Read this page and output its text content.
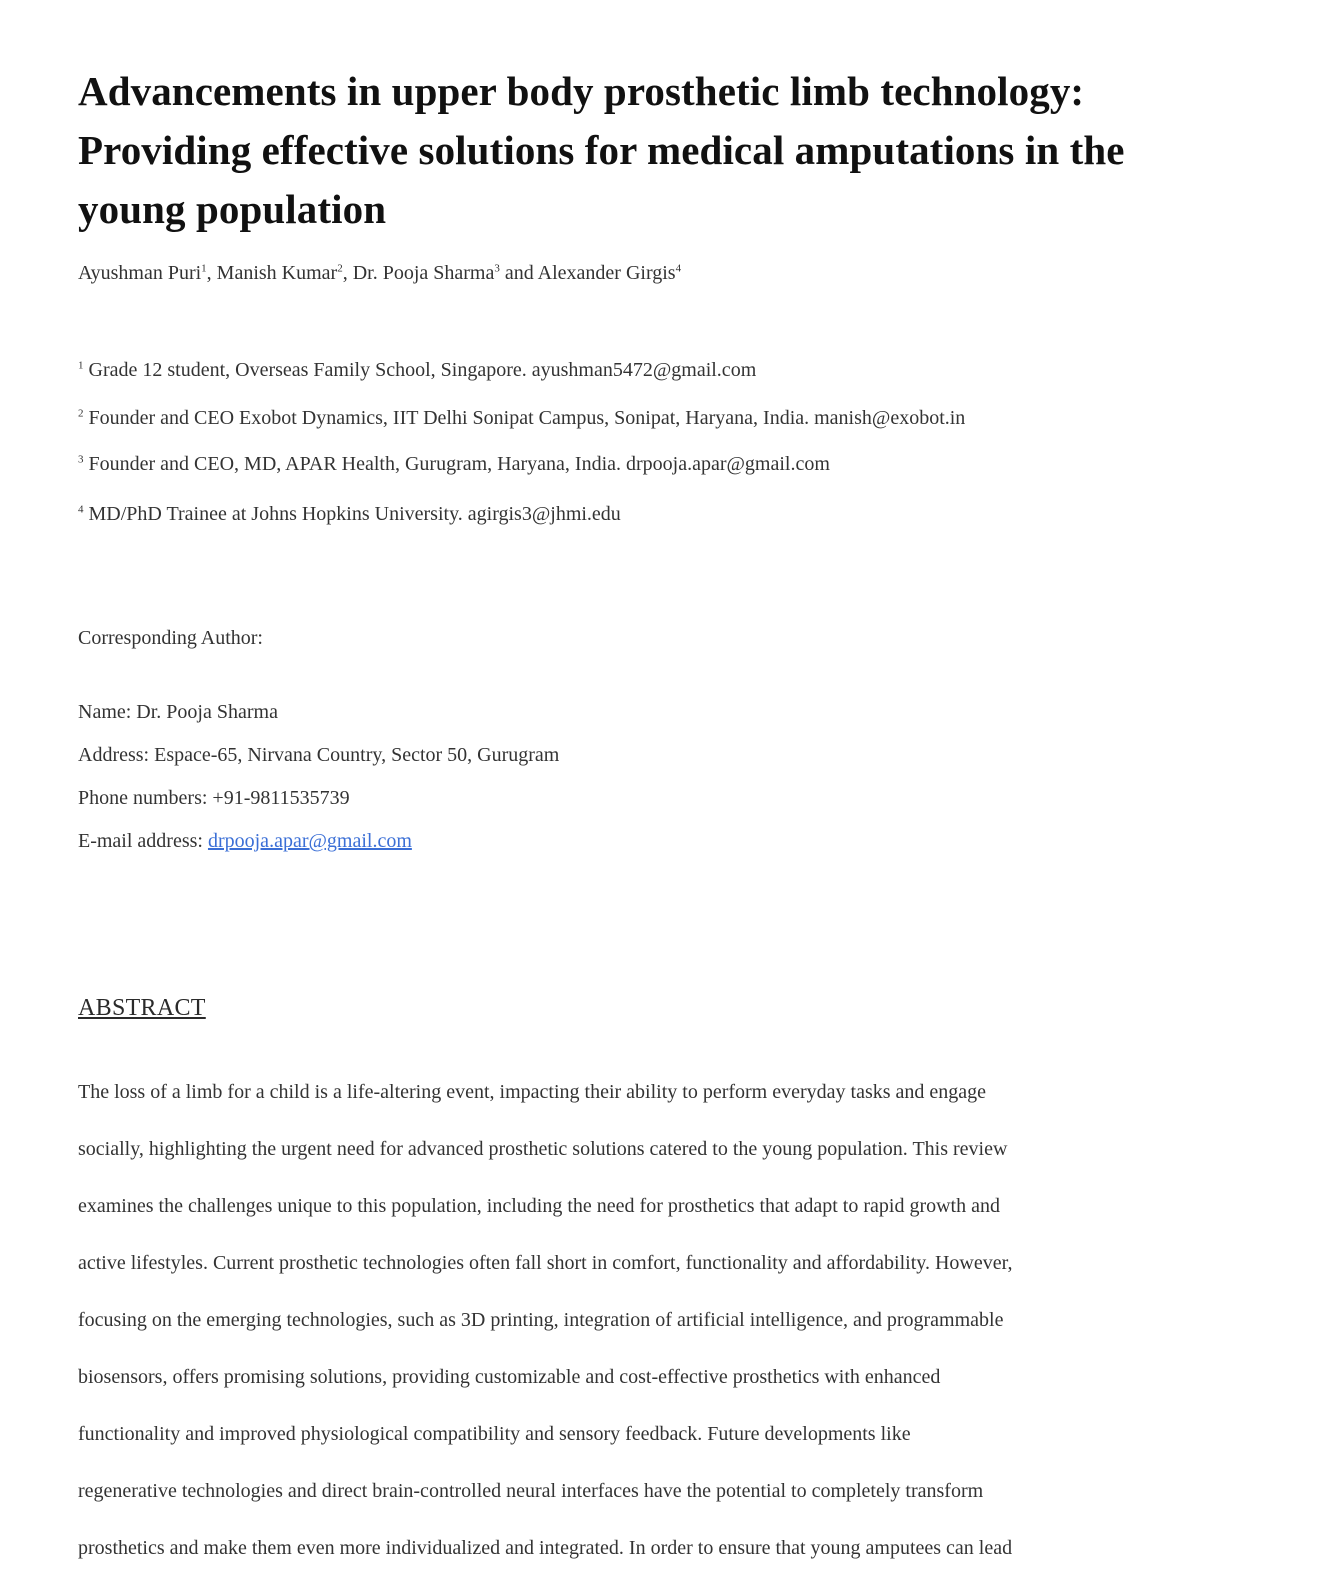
Advancements in upper body prosthetic limb technology:
Providing effective solutions for medical amputations in the
young population
Ayushman Puri$^1$, Manish Kumar$^2$, Dr. Pooja Sharma$^3$ and Alexander Girgis$^4$
$^1$ Grade 12 student, Overseas Family School, Singapore. ayushman5472@gmail.com
$^2$ Founder and CEO Exobot Dynamics, IIT Delhi Sonipat Campus, Sonipat, Haryana, India. manish@exobot.in
$^3$ Founder and CEO, MD, APAR Health, Gurugram, Haryana, India. drpooja.apar@gmail.com
$^4$ MD/PhD Trainee at Johns Hopkins University. agirgis3@jhmi.edu
Corresponding Author:
Name: Dr. Pooja Sharma
Address: Espace-65, Nirvana Country, Sector 50, Gurugram
Phone numbers: +91-9811535739
E-mail address: drpooja.apar@gmail.com
ABSTRACT
The loss of a limb for a child is a life-altering event, impacting their ability to perform everyday tasks and engage
socially, highlighting the urgent need for advanced prosthetic solutions catered to the young population. This review
examines the challenges unique to this population, including the need for prosthetics that adapt to rapid growth and
active lifestyles. Current prosthetic technologies often fall short in comfort, functionality and affordability. However,
focusing on the emerging technologies, such as 3D printing, integration of artificial intelligence, and programmable
biosensors, offers promising solutions, providing customizable and cost-effective prosthetics with enhanced
functionality and improved physiological compatibility and sensory feedback. Future developments like
regenerative technologies and direct brain-controlled neural interfaces have the potential to completely transform
prosthetics and make them even more individualized and integrated. In order to ensure that young amputees can lead
